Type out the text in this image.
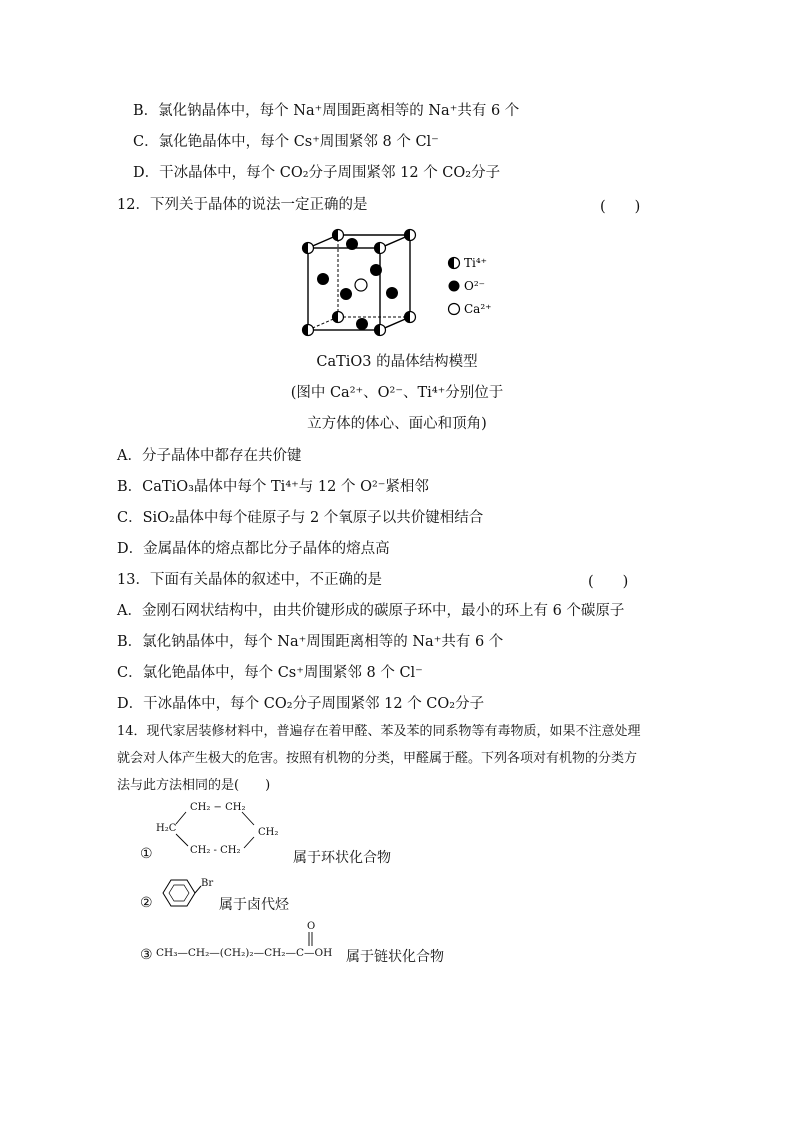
B．氯化钠晶体中，每个 Na⁺周围距离相等的 Na⁺共有 6 个
C．氯化铯晶体中，每个 Cs⁺周围紧邻 8 个 Cl⁻
D．干冰晶体中，每个 CO₂分子周围紧邻 12 个 CO₂分子
12．下列关于晶体的说法一定正确的是	(　　)
Ti⁴⁺
O²⁻
Ca²⁺
CaTiO3 的晶体结构模型
(图中 Ca²⁺、O²⁻、Ti⁴⁺分别位于
立方体的体心、面心和顶角)
A．分子晶体中都存在共价键
B．CaTiO₃晶体中每个 Ti⁴⁺与 12 个 O²⁻紧相邻
C．SiO₂晶体中每个硅原子与 2 个氧原子以共价键相结合
D．金属晶体的熔点都比分子晶体的熔点高
13．下面有关晶体的叙述中，不正确的是	(　　)
A．金刚石网状结构中，由共价键形成的碳原子环中，最小的环上有 6 个碳原子
B．氯化钠晶体中，每个 Na⁺周围距离相等的 Na⁺共有 6 个
C．氯化铯晶体中，每个 Cs⁺周围紧邻 8 个 Cl⁻
D．干冰晶体中，每个 CO₂分子周围紧邻 12 个 CO₂分子
14．现代家居装修材料中，普遍存在着甲醛、苯及苯的同系物等有毒物质，如果不注意处理
就会对人体产生极大的危害。按照有机物的分类，甲醛属于醛。下列各项对有机物的分类方
法与此方法相同的是(　　)
①
CH₂ − CH₂
H₂C	CH₂
CH₂ - CH₂	属于环状化合物
②
Br
属于卤代烃
③ CH₃—CH₂—(CH₂)₂—CH₂—C—OH
O
属于链状化合物
